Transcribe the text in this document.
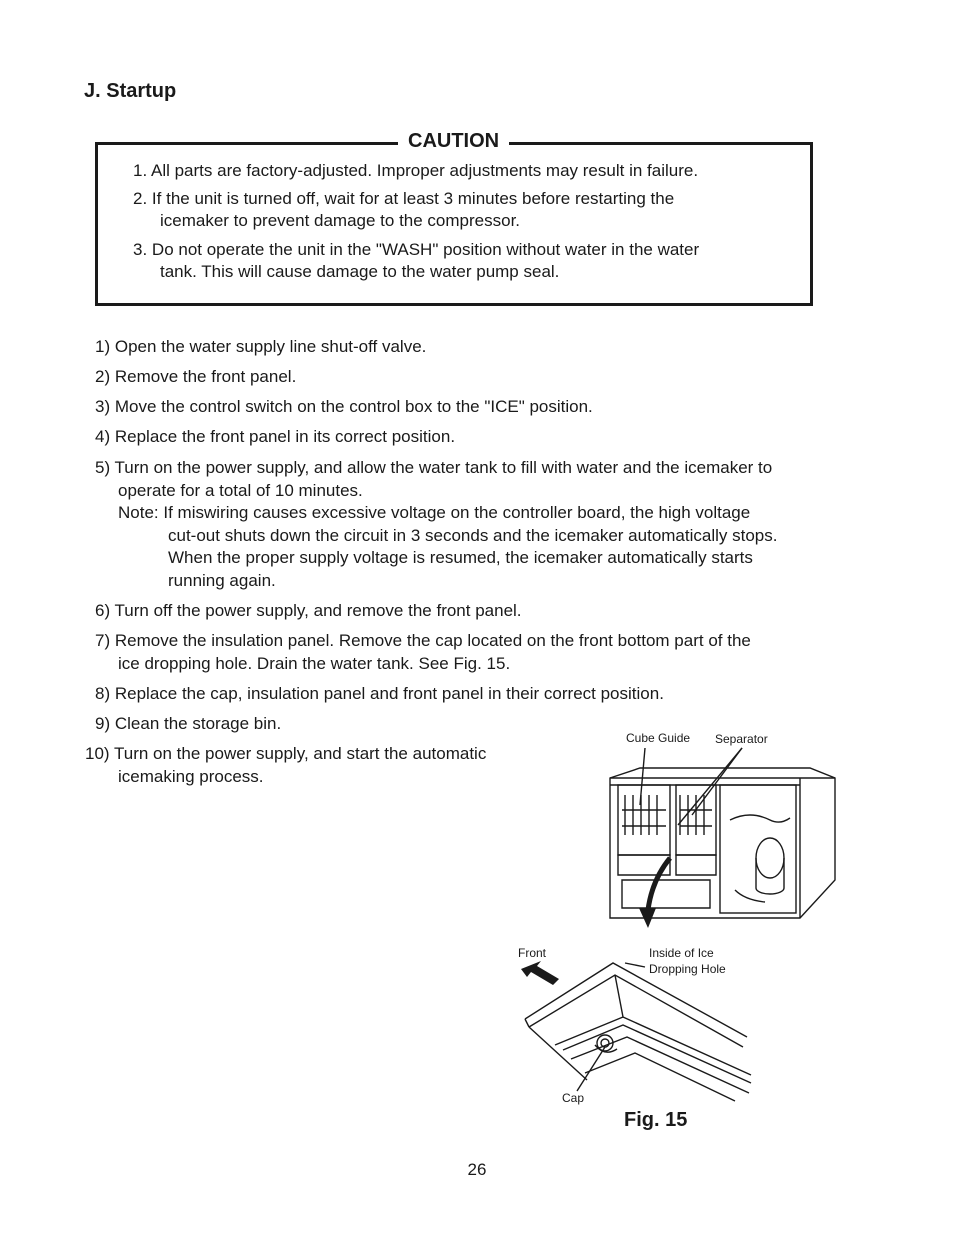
J. Startup
CAUTION
1. All parts are factory-adjusted. Improper adjustments may result in failure.
2. If the unit is turned off, wait for at least 3 minutes before restarting the
icemaker to prevent damage to the compressor.
3. Do not operate the unit in the "WASH" position without water in the water
tank. This will cause damage to the water pump seal.
1) Open the water supply line shut-off valve.
2) Remove the front panel.
3) Move the control switch on the control box to the "ICE" position.
4) Replace the front panel in its correct position.
5) Turn on the power supply, and allow the water tank to fill with water and the icemaker to
operate for a total of 10 minutes.
Note: If miswiring causes excessive voltage on the controller board, the high voltage
cut-out shuts down the circuit in 3 seconds and the icemaker automatically stops.
When the proper supply voltage is resumed, the icemaker automatically starts
running again.
6) Turn off the power supply, and remove the front panel.
7) Remove the insulation panel. Remove the cap located on the front bottom part of the
ice dropping hole. Drain the water tank. See Fig. 15.
8) Replace the cap, insulation panel and front panel in their correct position.
9) Clean the storage bin.
10) Turn on the power supply, and start the automatic
icemaking process.
Cube Guide Separator
Front	Inside of Ice
Dropping Hole
Cap
Fig. 15
26
